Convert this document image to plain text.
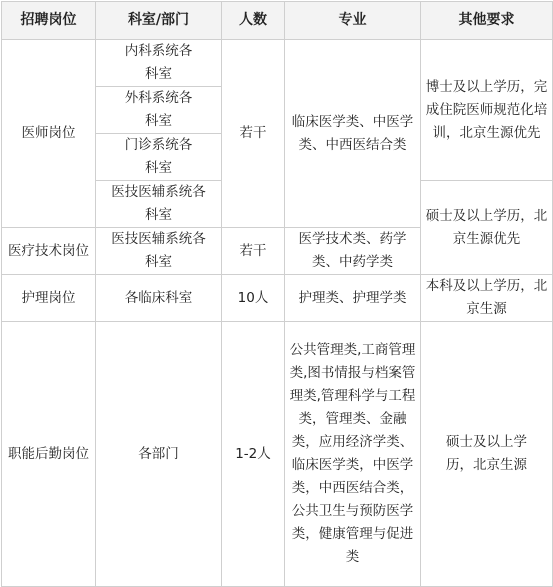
招聘岗位	科室/部门	人数	专业	其他要求
医师岗位	内科系统各科室	若干	临床医学类、中医学类、中西医结合类	博士及以上学历，完成住院医师规范化培训，北京生源优先
	外科系统各科室			
	门诊系统各科室			
	医技医辅系统各科室			硕士及以上学历，北京生源优先
医疗技术岗位	医技医辅系统各科室	若干	医学技术类、药学类、中药学类	
护理岗位	各临床科室	10人	护理类、护理学类	本科及以上学历，北京生源
职能后勤岗位	各部门	1-2人	公共管理类,工商管理类,图书情报与档案管理类,管理科学与工程类，管理类、金融类，应用经济学类、临床医学类，中医学类，中西医结合类，公共卫生与预防医学类，健康管理与促进类	硕士及以上学历，北京生源
